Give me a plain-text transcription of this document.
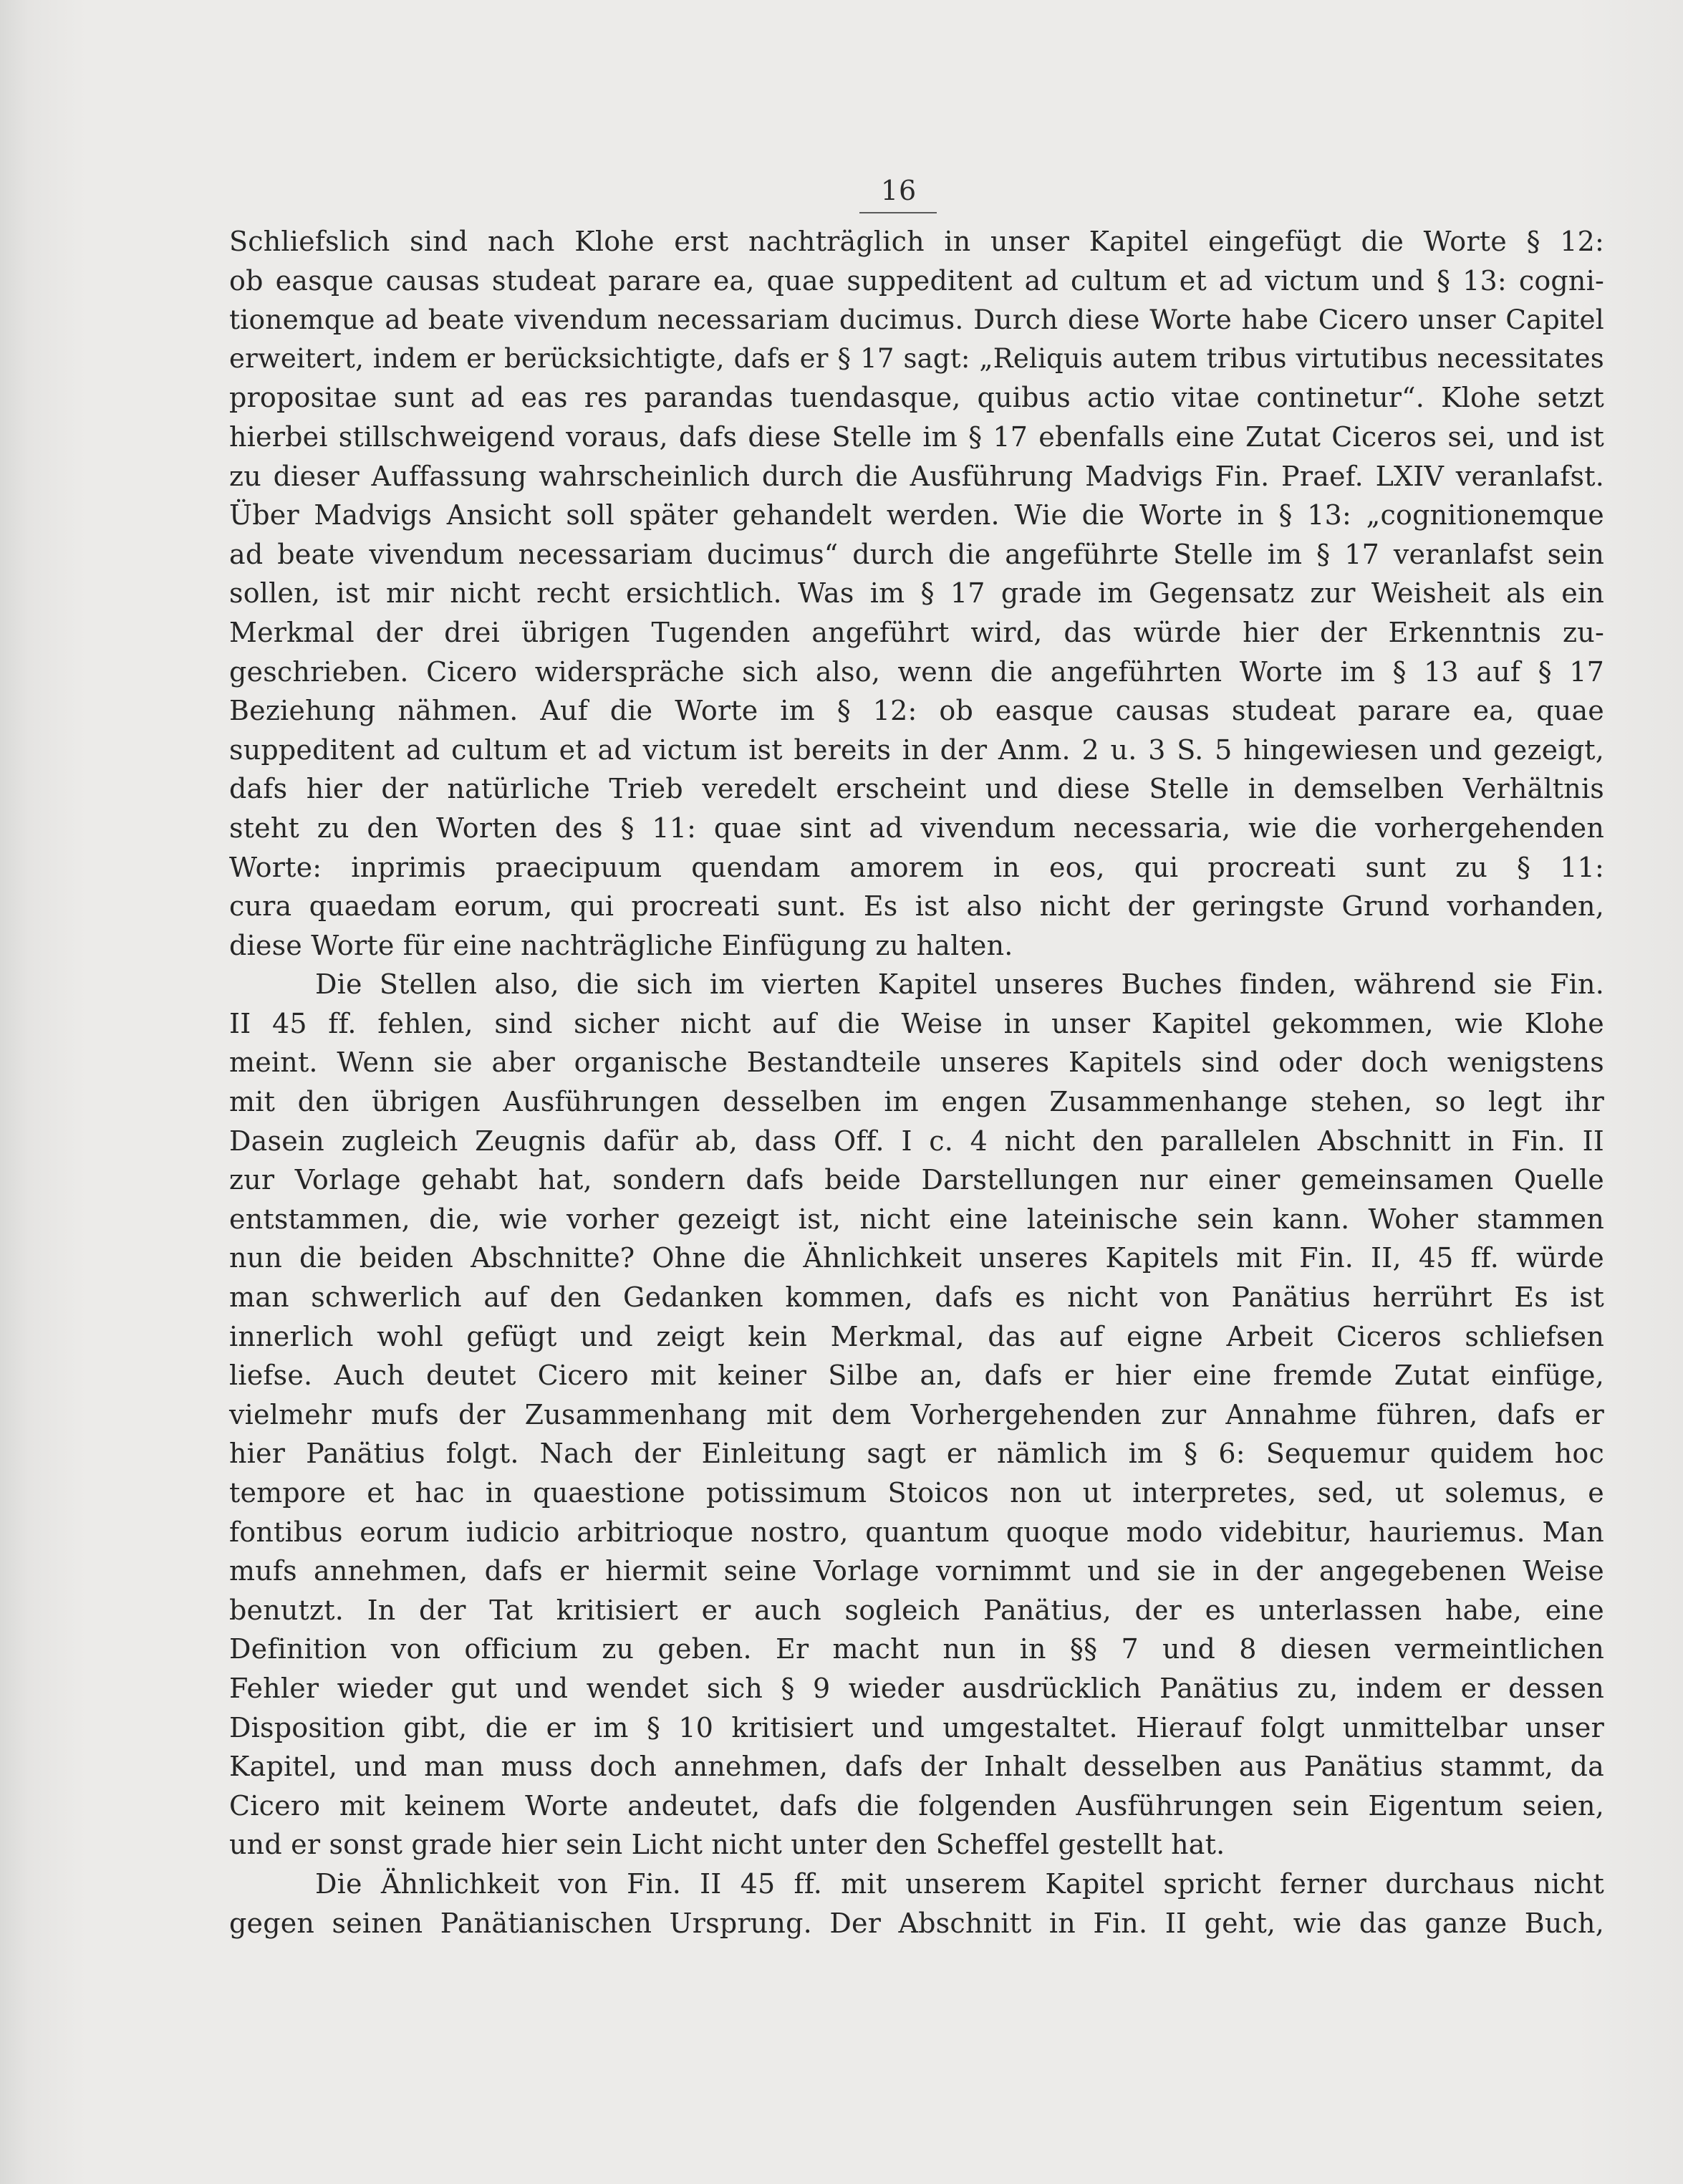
16
Schliefslich sind nach Klohe erst nachträglich in unser Kapitel eingefügt die Worte § 12:
ob easque causas studeat parare ea, quae suppeditent ad cultum et ad victum und § 13: cogni-
tionemque ad beate vivendum necessariam ducimus. Durch diese Worte habe Cicero unser Capitel
erweitert, indem er berücksichtigte, dafs er § 17 sagt: „Reliquis autem tribus virtutibus necessitates
propositae sunt ad eas res parandas tuendasque, quibus actio vitae continetur“. Klohe setzt
hierbei stillschweigend voraus, dafs diese Stelle im § 17 ebenfalls eine Zutat Ciceros sei, und ist
zu dieser Auffassung wahrscheinlich durch die Ausführung Madvigs Fin. Praef. LXIV veranlafst.
Über Madvigs Ansicht soll später gehandelt werden. Wie die Worte in § 13: „cognitionemque
ad beate vivendum necessariam ducimus“ durch die angeführte Stelle im § 17 veranlafst sein
sollen, ist mir nicht recht ersichtlich. Was im § 17 grade im Gegensatz zur Weisheit als ein
Merkmal der drei übrigen Tugenden angeführt wird, das würde hier der Erkenntnis zu-
geschrieben. Cicero widerspräche sich also, wenn die angeführten Worte im § 13 auf § 17
Beziehung nähmen. Auf die Worte im § 12: ob easque causas studeat parare ea, quae
suppeditent ad cultum et ad victum ist bereits in der Anm. 2 u. 3 S. 5 hingewiesen und gezeigt,
dafs hier der natürliche Trieb veredelt erscheint und diese Stelle in demselben Verhältnis
steht zu den Worten des § 11: quae sint ad vivendum necessaria, wie die vorhergehenden
Worte: inprimis praecipuum quendam amorem in eos, qui procreati sunt zu § 11:
cura quaedam eorum, qui procreati sunt. Es ist also nicht der geringste Grund vorhanden,
diese Worte für eine nachträgliche Einfügung zu halten.
Die Stellen also, die sich im vierten Kapitel unseres Buches finden, während sie Fin.
II 45 ff. fehlen, sind sicher nicht auf die Weise in unser Kapitel gekommen, wie Klohe
meint. Wenn sie aber organische Bestandteile unseres Kapitels sind oder doch wenigstens
mit den übrigen Ausführungen desselben im engen Zusammenhange stehen, so legt ihr
Dasein zugleich Zeugnis dafür ab, dass Off. I c. 4 nicht den parallelen Abschnitt in Fin. II
zur Vorlage gehabt hat, sondern dafs beide Darstellungen nur einer gemeinsamen Quelle
entstammen, die, wie vorher gezeigt ist, nicht eine lateinische sein kann. Woher stammen
nun die beiden Abschnitte? Ohne die Ähnlichkeit unseres Kapitels mit Fin. II, 45 ff. würde
man schwerlich auf den Gedanken kommen, dafs es nicht von Panätius herrührt Es ist
innerlich wohl gefügt und zeigt kein Merkmal, das auf eigne Arbeit Ciceros schliefsen
liefse. Auch deutet Cicero mit keiner Silbe an, dafs er hier eine fremde Zutat einfüge,
vielmehr mufs der Zusammenhang mit dem Vorhergehenden zur Annahme führen, dafs er
hier Panätius folgt. Nach der Einleitung sagt er nämlich im § 6: Sequemur quidem hoc
tempore et hac in quaestione potissimum Stoicos non ut interpretes, sed, ut solemus, e
fontibus eorum iudicio arbitrioque nostro, quantum quoque modo videbitur, hauriemus. Man
mufs annehmen, dafs er hiermit seine Vorlage vornimmt und sie in der angegebenen Weise
benutzt. In der Tat kritisiert er auch sogleich Panätius, der es unterlassen habe, eine
Definition von officium zu geben. Er macht nun in §§ 7 und 8 diesen vermeintlichen
Fehler wieder gut und wendet sich § 9 wieder ausdrücklich Panätius zu, indem er dessen
Disposition gibt, die er im § 10 kritisiert und umgestaltet. Hierauf folgt unmittelbar unser
Kapitel, und man muss doch annehmen, dafs der Inhalt desselben aus Panätius stammt, da
Cicero mit keinem Worte andeutet, dafs die folgenden Ausführungen sein Eigentum seien,
und er sonst grade hier sein Licht nicht unter den Scheffel gestellt hat.
Die Ähnlichkeit von Fin. II 45 ff. mit unserem Kapitel spricht ferner durchaus nicht
gegen seinen Panätianischen Ursprung. Der Abschnitt in Fin. II geht, wie das ganze Buch,
